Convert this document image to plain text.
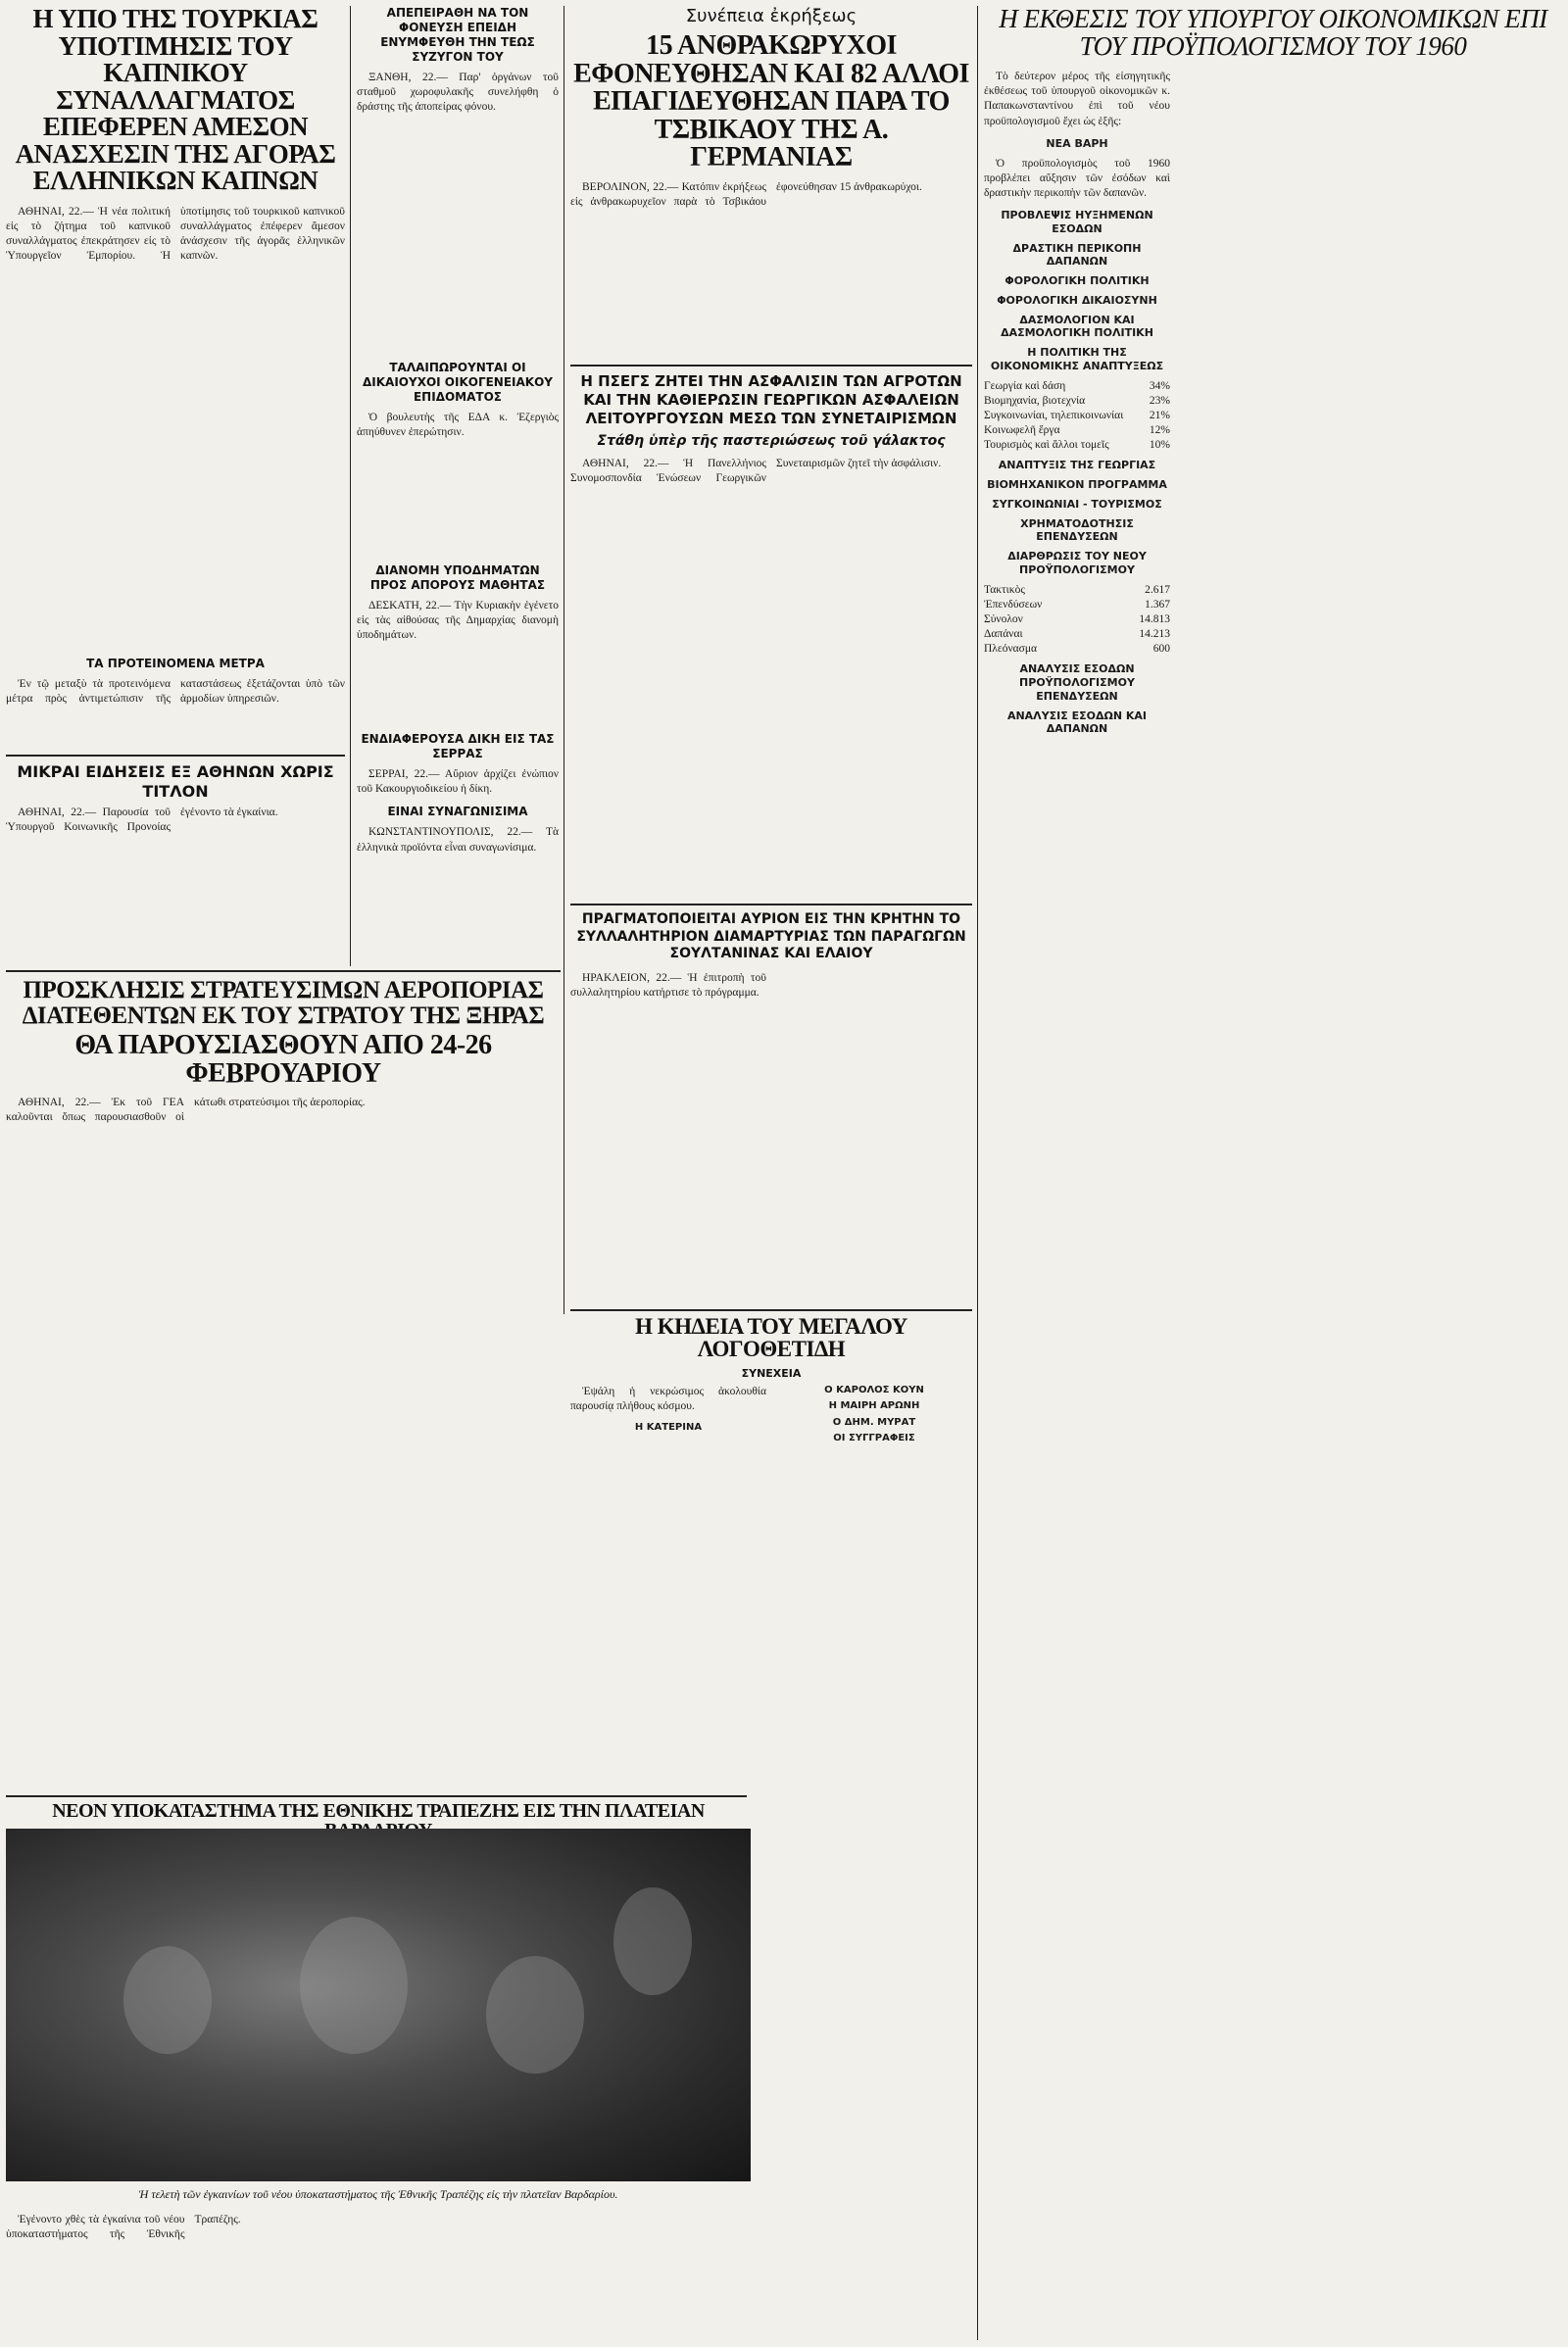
Η ΥΠΟ ΤΗΣ ΤΟΥΡΚΙΑΣ ΥΠΟΤΙΜΗΣΙΣ ΤΟΥ ΚΑΠΝΙΚΟΥ ΣΥΝΑΛΛΑΓΜΑΤΟΣ ΕΠΕΦΕΡΕΝ ΑΜΕΣΟΝ ΑΝΑΣΧΕΣΙΝ ΤΗΣ ΑΓΟΡΑΣ ΕΛΛΗΝΙΚΩΝ ΚΑΠΝΩΝ

ΑΘΗΝΑΙ, 22.— Ἡ νέα πολιτική εἰς τὸ ζήτημα τοῦ καπνικοῦ συναλλάγματος ἐπεκράτησεν εἰς τὸ Ὑπουργεῖον Ἐμπορίου. Ἡ ὑποτίμησις τοῦ τουρκικοῦ καπνικοῦ συναλλάγματος ἐπέφερεν ἄμεσον ἀνάσχεσιν τῆς ἀγορᾶς ἑλληνικῶν καπνῶν.

ΤΑ ΠΡΟΤΕΙΝΟΜΕΝΑ ΜΕΤΡΑ

Ἐν τῷ μεταξὺ τὰ προτεινόμενα μέτρα πρὸς ἀντιμετώπισιν τῆς καταστάσεως ἐξετάζονται ὑπὸ τῶν ἁρμοδίων ὑπηρεσιῶν.

ΜΙΚΡΑΙ ΕΙΔΗΣΕΙΣ ΕΞ ΑΘΗΝΩΝ ΧΩΡΙΣ ΤΙΤΛΟΝ

ΑΘΗΝΑΙ, 22.— Παρουσία τοῦ Ὑπουργοῦ Κοινωνικῆς Προνοίας ἐγένοντο τὰ ἐγκαίνια.

ΑΠΕΠΕΙΡΑΘΗ ΝΑ ΤΟΝ ΦΟΝΕΥΣΗ ΕΠΕΙΔΗ ΕΝΥΜΦΕΥΘΗ ΤΗΝ ΤΕΩΣ ΣΥΖΥΓΟΝ ΤΟΥ

ΞΑΝΘΗ, 22.— Παρ' ὀργάνων τοῦ σταθμοῦ χωροφυλακῆς συνελήφθη ὁ δράστης τῆς ἀποπείρας φόνου.

ΤΑΛΑΙΠΩΡΟΥΝΤΑΙ ΟΙ ΔΙΚΑΙΟΥΧΟΙ ΟΙΚΟΓΕΝΕΙΑΚΟΥ ΕΠΙΔΟΜΑΤΟΣ

Ὁ βουλευτὴς τῆς ΕΔΑ κ. Ἐζεργιὸς ἀπηύθυνεν ἐπερώτησιν.

ΔΙΑΝΟΜΗ ΥΠΟΔΗΜΑΤΩΝ ΠΡΟΣ ΑΠΟΡΟΥΣ ΜΑΘΗΤΑΣ

ΔΕΣΚΑΤΗ, 22.— Τὴν Κυριακὴν ἐγένετο εἰς τὰς αἰθούσας τῆς Δημαρχίας διανομὴ ὑποδημάτων.

ΕΝΔΙΑΦΕΡΟΥΣΑ ΔΙΚΗ ΕΙΣ ΤΑΣ ΣΕΡΡΑΣ

ΣΕΡΡΑΙ, 22.— Αὔριον ἀρχίζει ἐνώπιον τοῦ Κακουργιοδικείου ἡ δίκη.

ΕΙΝΑΙ ΣΥΝΑΓΩΝΙΣΙΜΑ

ΚΩΝΣΤΑΝΤΙΝΟΥΠΟΛΙΣ, 22.— Τὰ ἑλληνικὰ προϊόντα εἶναι συναγωνίσιμα.

Συνέπεια ἐκρήξεως
15 ΑΝΘΡΑΚΩΡΥΧΟΙ ΕΦΟΝΕΥΘΗΣΑΝ ΚΑΙ 82 ΑΛΛΟΙ ΕΠΑΓΙΔΕΥΘΗΣΑΝ ΠΑΡΑ ΤΟ ΤΣΒΙΚΑΟΥ ΤΗΣ Α. ΓΕΡΜΑΝΙΑΣ

ΒΕΡΟΛΙΝΟΝ, 22.— Κατόπιν ἐκρήξεως εἰς ἀνθρακωρυχεῖον παρὰ τὸ Τσβικάου ἐφονεύθησαν 15 ἀνθρακωρύχοι.

Η ΠΣΕΓΣ ΖΗΤΕΙ ΤΗΝ ΑΣΦΑΛΙΣΙΝ ΤΩΝ ΑΓΡΟΤΩΝ ΚΑΙ ΤΗΝ ΚΑΘΙΕΡΩΣΙΝ ΓΕΩΡΓΙΚΩΝ ΑΣΦΑΛΕΙΩΝ ΛΕΙΤΟΥΡΓΟΥΣΩΝ ΜΕΣΩ ΤΩΝ ΣΥΝΕΤΑΙΡΙΣΜΩΝ
Στάθη ὑπὲρ τῆς παστεριώσεως τοῦ γάλακτος

ΑΘΗΝΑΙ, 22.— Ἡ Πανελλήνιος Συνομοσπονδία Ἑνώσεων Γεωργικῶν Συνεταιρισμῶν ζητεῖ τὴν ἀσφάλισιν.

ΠΡΑΓΜΑΤΟΠΟΙΕΙΤΑΙ ΑΥΡΙΟΝ ΕΙΣ ΤΗΝ ΚΡΗΤΗΝ ΤΟ ΣΥΛΛΑΛΗΤΗΡΙΟΝ ΔΙΑΜΑΡΤΥΡΙΑΣ ΤΩΝ ΠΑΡΑΓΩΓΩΝ ΣΟΥΛΤΑΝΙΝΑΣ ΚΑΙ ΕΛΑΙΟΥ

ΗΡΑΚΛΕΙΟΝ, 22.— Ἡ ἐπιτροπὴ τοῦ συλλαλητηρίου κατήρτισε τὸ πρόγραμμα.

ΠΡΟΣΚΛΗΣΙΣ ΣΤΡΑΤΕΥΣΙΜΩΝ ΑΕΡΟΠΟΡΙΑΣ
ΔΙΑΤΕΘΕΝΤΩΝ ΕΚ ΤΟΥ ΣΤΡΑΤΟΥ ΤΗΣ ΞΗΡΑΣ
ΘΑ ΠΑΡΟΥΣΙΑΣΘΟΥΝ ΑΠΟ 24-26 ΦΕΒΡΟΥΑΡΙΟΥ

ΑΘΗΝΑΙ, 22.— Ἐκ τοῦ ΓΕΑ καλοῦνται ὅπως παρουσιασθοῦν οἱ κάτωθι στρατεύσιμοι τῆς ἀεροπορίας.

Η ΚΗΔΕΙΑ ΤΟΥ ΜΕΓΑΛΟΥ ΛΟΓΟΘΕΤΙΔΗ
ΣΥΝΕΧΕΙΑ

Ἐψάλη ἡ νεκρώσιμος ἀκολουθία παρουσίᾳ πλήθους κόσμου.

Η ΚΑΤΕΡΙΝΑ
Ο ΚΑΡΟΛΟΣ ΚΟΥΝ
Η ΜΑΙΡΗ ΑΡΩΝΗ
Ο ΔΗΜ. ΜΥΡΑΤ
ΟΙ ΣΥΓΓΡΑΦΕΙΣ
ΝΕΟΝ ΥΠΟΚΑΤΑΣΤΗΜΑ ΤΗΣ ΕΘΝΙΚΗΣ ΤΡΑΠΕΖΗΣ ΕΙΣ ΤΗΝ ΠΛΑΤΕΙΑΝ
Ἡ τελετὴ τῶν ἐγκαινίων τοῦ νέου ὑποκαταστήματος τῆς Ἐθνικῆς Τραπέζης εἰς τὴν πλατεῖαν Βαρδαρίου.

Ἐγένοντο χθὲς τὰ ἐγκαίνια τοῦ νέου ὑποκαταστήματος τῆς Ἐθνικῆς Τραπέζης.

Η ΕΚΘΕΣΙΣ ΤΟΥ ΥΠΟΥΡΓΟΥ ΟΙΚΟΝΟΜΙΚΩΝ ΕΠΙ ΤΟΥ ΠΡΟΫΠΟΛΟΓΙΣΜΟΥ ΤΟΥ 1960

Τὸ δεύτερον μέρος τῆς εἰσηγητικῆς ἐκθέσεως τοῦ ὑπουργοῦ οἰκονομικῶν κ. Παπακωνσταντίνου ἐπὶ τοῦ νέου προϋπολογισμοῦ ἔχει ὡς ἑξῆς:

ΝΕΑ ΒΑΡΗ

Ὁ προϋπολογισμὸς τοῦ 1960 προβλέπει αὔξησιν τῶν ἐσόδων καὶ δραστικὴν περικοπὴν τῶν δαπανῶν.

ΠΡΟΒΛΕΨΙΣ ΗΥΞΗΜΕΝΩΝ ΕΣΟΔΩΝ
ΔΡΑΣΤΙΚΗ ΠΕΡΙΚΟΠΗ ΔΑΠΑΝΩΝ
ΦΟΡΟΛΟΓΙΚΗ ΠΟΛΙΤΙΚΗ
ΦΟΡΟΛΟΓΙΚΗ ΔΙΚΑΙΟΣΥΝΗ
ΔΑΣΜΟΛΟΓΙΟΝ ΚΑΙ ΔΑΣΜΟΛΟΓΙΚΗ ΠΟΛΙΤΙΚΗ
Η ΠΟΛΙΤΙΚΗ ΤΗΣ ΟΙΚΟΝΟΜΙΚΗΣ ΑΝΑΠΤΥΞΕΩΣ
Γεωργία καὶ δάση	34%
Βιομηχανία, βιοτεχνία	23%
Συγκοινωνίαι, τηλεπικοινωνίαι 21%
Κοινωφελῆ ἔργα	12%
Τουρισμὸς καὶ ἄλλοι τομεῖς	10%
ΑΝΑΠΤΥΞΙΣ ΤΗΣ ΓΕΩΡΓΙΑΣ
ΒΙΟΜΗΧΑΝΙΚΟΝ ΠΡΟΓΡΑΜΜΑ
ΣΥΓΚΟΙΝΩΝΙΑΙ - ΤΟΥΡΙΣΜΟΣ
ΧΡΗΜΑΤΟΔΟΤΗΣΙΣ ΕΠΕΝΔΥΣΕΩΝ
ΔΙΑΡΘΡΩΣΙΣ ΤΟΥ ΝΕΟΥ ΠΡΟΫΠΟΛΟΓΙΣΜΟΥ
Τακτικὸς	2.617
Ἐπενδύσεων	1.367
Σύνολον	14.813
Δαπάναι	14.213
Πλεόνασμα	600
ΑΝΑΛΥΣΙΣ ΕΣΟΔΩΝ ΠΡΟΫΠΟΛΟΓΙΣΜΟΥ ΕΠΕΝΔΥΣΕΩΝ
ΑΝΑΛΥΣΙΣ ΕΣΟΔΩΝ ΚΑΙ ΔΑΠΑΝΩΝ
